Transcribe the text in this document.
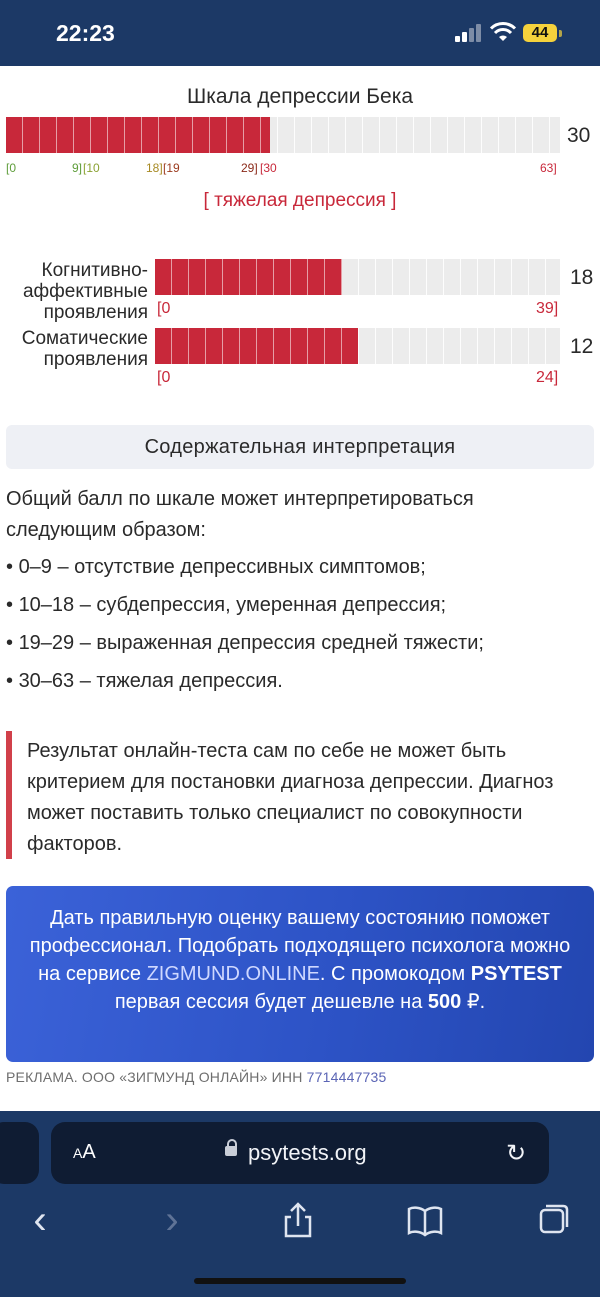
22:23	44
Шкала депрессии Бека
30
[0	9] [10	18] [19	29] [30	63]
[ тяжелая депрессия ]
Когнитивно-
аффективные
проявления
18
[0	39]
Соматические
проявления
12
[0	24]
Содержательная интерпретация
Общий балл по шкале может интерпретироваться следующим образом:
• 0–9 – отсутствие депрессивных симптомов;
• 10–18 – субдепрессия, умеренная депрессия;
• 19–29 – выраженная депрессия средней тяжести;
• 30–63 – тяжелая депрессия.
Результат онлайн-теста сам по себе не может быть критерием для постановки диагноза депрессии. Диагноз может поставить только специалист по совокупности факторов.
Дать правильную оценку вашему состоянию поможет профессионал. Подобрать подходящего психолога можно на сервисе ZIGMUND.ONLINE. С промокодом PSYTEST первая сессия будет дешевле на 500 ₽.
РЕКЛАМА. ООО «ЗИГМУНД ОНЛАЙН» ИНН 7714447735
AA	psytests.org	↻
‹	›
